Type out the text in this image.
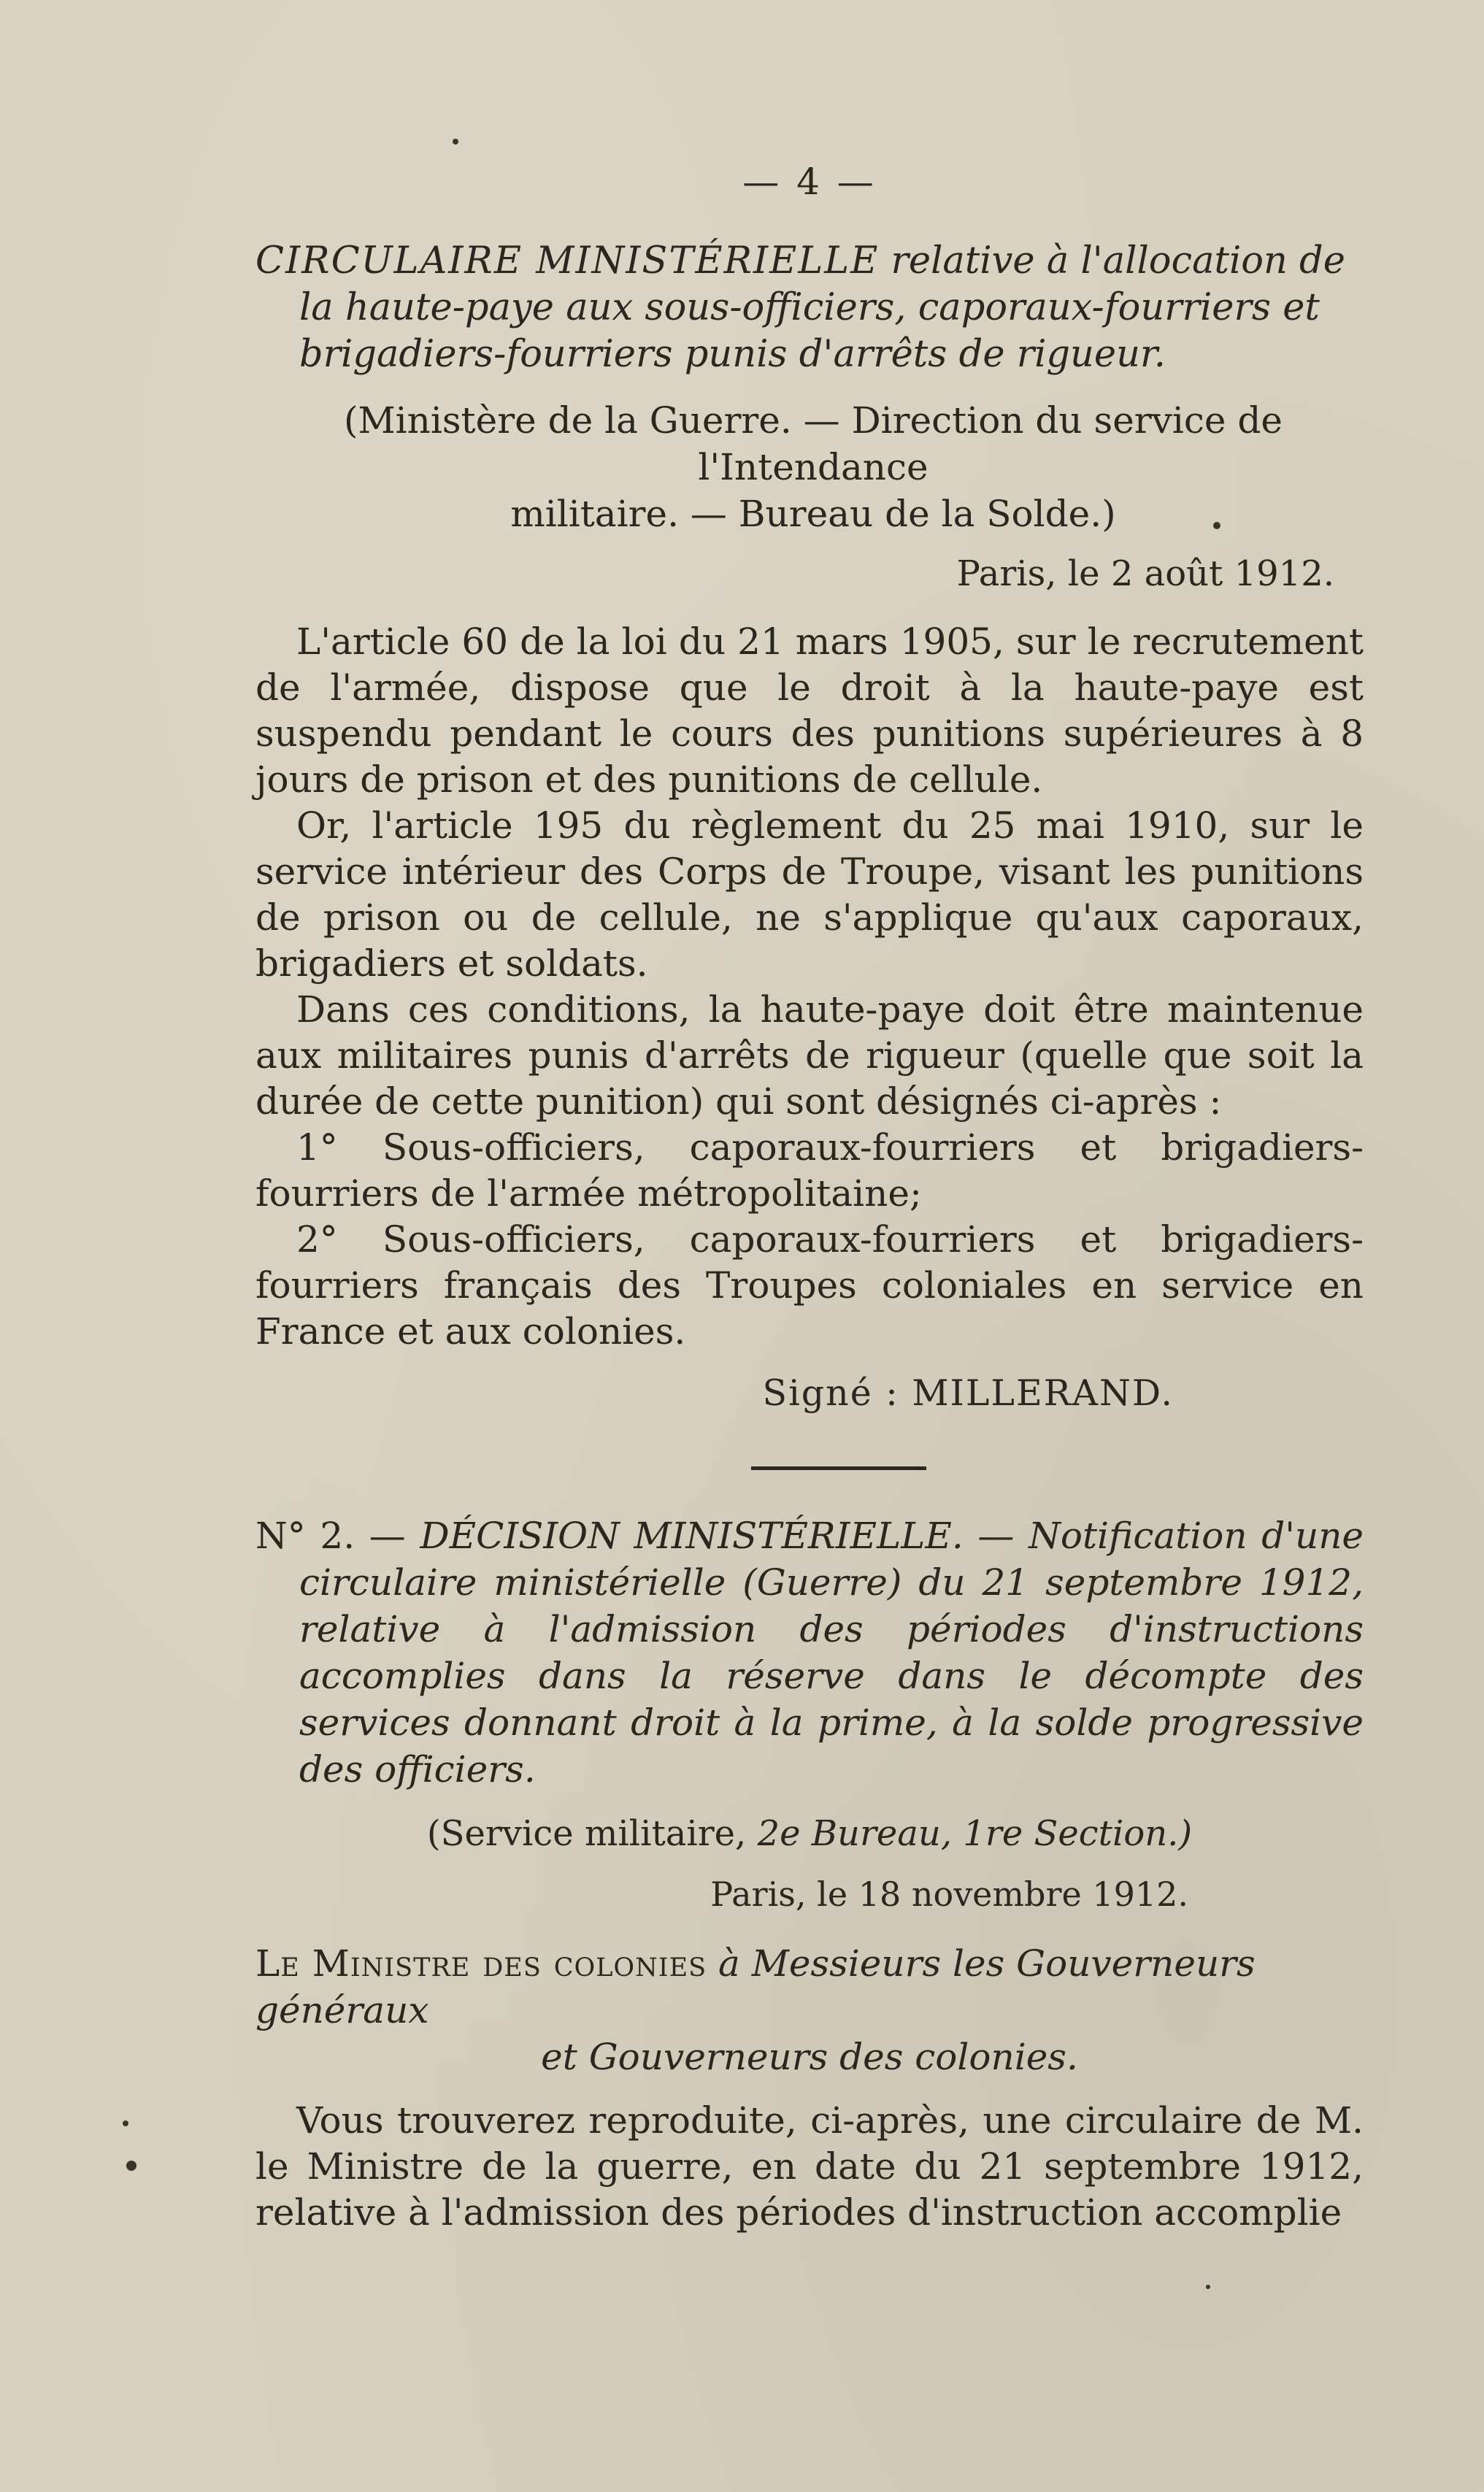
— 4 —

CIRCULAIRE MINISTÉRIELLE relative à l'allocation de la haute-paye aux sous-officiers, caporaux-fourriers et brigadiers-fourriers punis d'arrêts de rigueur.

(Ministère de la Guerre. — Direction du service de l'Intendance
militaire. — Bureau de la Solde.)
Paris, le 2 août 1912.

L'article 60 de la loi du 21 mars 1905, sur le recrutement de l'armée, dispose que le droit à la haute-paye est suspendu pendant le cours des punitions supérieures à 8 jours de prison et des punitions de cellule.

Or, l'article 195 du règlement du 25 mai 1910, sur le service intérieur des Corps de Troupe, visant les punitions de prison ou de cellule, ne s'applique qu'aux caporaux, brigadiers et soldats.

Dans ces conditions, la haute-paye doit être maintenue aux militaires punis d'arrêts de rigueur (quelle que soit la durée de cette punition) qui sont désignés ci-après :

1° Sous-officiers, caporaux-fourriers et brigadiers-fourriers de l'armée métropolitaine;

2° Sous-officiers, caporaux-fourriers et brigadiers-fourriers français des Troupes coloniales en service en France et aux colonies.

Signé : MILLERAND.

N° 2. — DÉCISION MINISTÉRIELLE. — Notification d'une circulaire ministérielle (Guerre) du 21 septembre 1912, relative à l'admission des périodes d'instructions accomplies dans la réserve dans le décompte des services donnant droit à la prime, à la solde progressive des officiers.

(Service militaire, 2e Bureau, 1re Section.)
Paris, le 18 novembre 1912.
Le Ministre des colonies à Messieurs les Gouverneurs généraux
et Gouverneurs des colonies.

Vous trouverez reproduite, ci-après, une circulaire de M. le Ministre de la guerre, en date du 21 septembre 1912, relative à l'admission des périodes d'instruction accomplie
